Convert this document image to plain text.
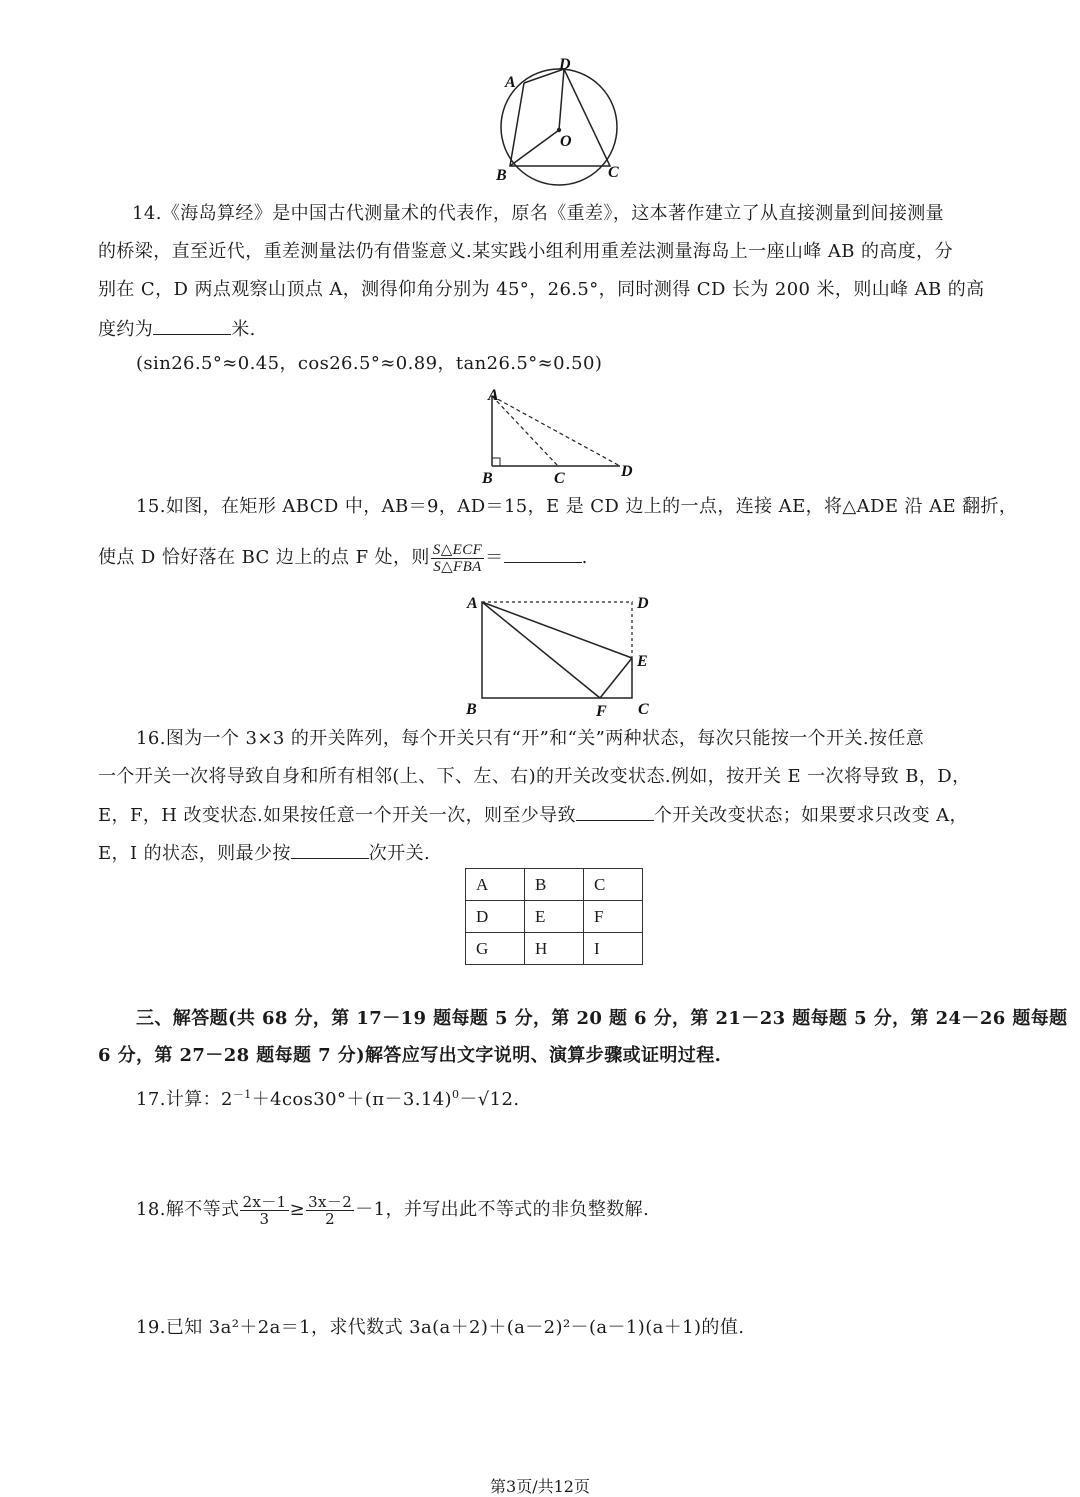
A
D
O
B	C
14.《海岛算经》是中国古代测量术的代表作，原名《重差》，这本著作建立了从直接测量到间接测量
的桥梁，直至近代，重差测量法仍有借鉴意义.某实践小组利用重差法测量海岛上一座山峰 AB 的高度，分
别在 C，D 两点观察山顶点 A，测得仰角分别为 45°，26.5°，同时测得 CD 长为 200 米，则山峰 AB 的高
度约为	米.
(sin26.5°≈0.45，cos26.5°≈0.89，tan26.5°≈0.50)
A
B	C	D
15.如图，在矩形 ABCD 中，AB＝9，AD＝15，E 是 CD 边上的一点，连接 AE，将△ADE 沿 AE 翻折，
使点 D 恰好落在 BC 边上的点 F 处，则 $\frac{\text{S△ECF}}{\text{S△FBA}}$ ＝	.
A	D
E
B	F C
16.图为一个 3×3 的开关阵列，每个开关只有“开”和“关”两种状态，每次只能按一个开关.按任意
一个开关一次将导致自身和所有相邻(上、下、左、右)的开关改变状态.例如，按开关 E 一次将导致 B，D，
E，F，H 改变状态.如果按任意一个开关一次，则至少导致	个开关改变状态；如果要求只改变 A，
E，I 的状态，则最少按	次开关.
A	B	C
D	E	F
G	H	I
三、解答题(共 68 分，第 17－19 题每题 5 分，第 20 题 6 分，第 21－23 题每题 5 分，第 24－26 题每题
6 分，第 27－28 题每题 7 分)解答应写出文字说明、演算步骤或证明过程.
17.计算：$2^{-1}+4\cos 30^\circ+(\pi-3.14)^0-√12$.
18.解不等式 $\frac{2x-1}{3} \ge \frac{3x-2}{2} -1$，并写出此不等式的非负整数解.
19.已知 3a²＋2a＝1，求代数式 3a(a＋2)＋(a－2)²－(a－1)(a＋1)的值.
第3页/共12页
